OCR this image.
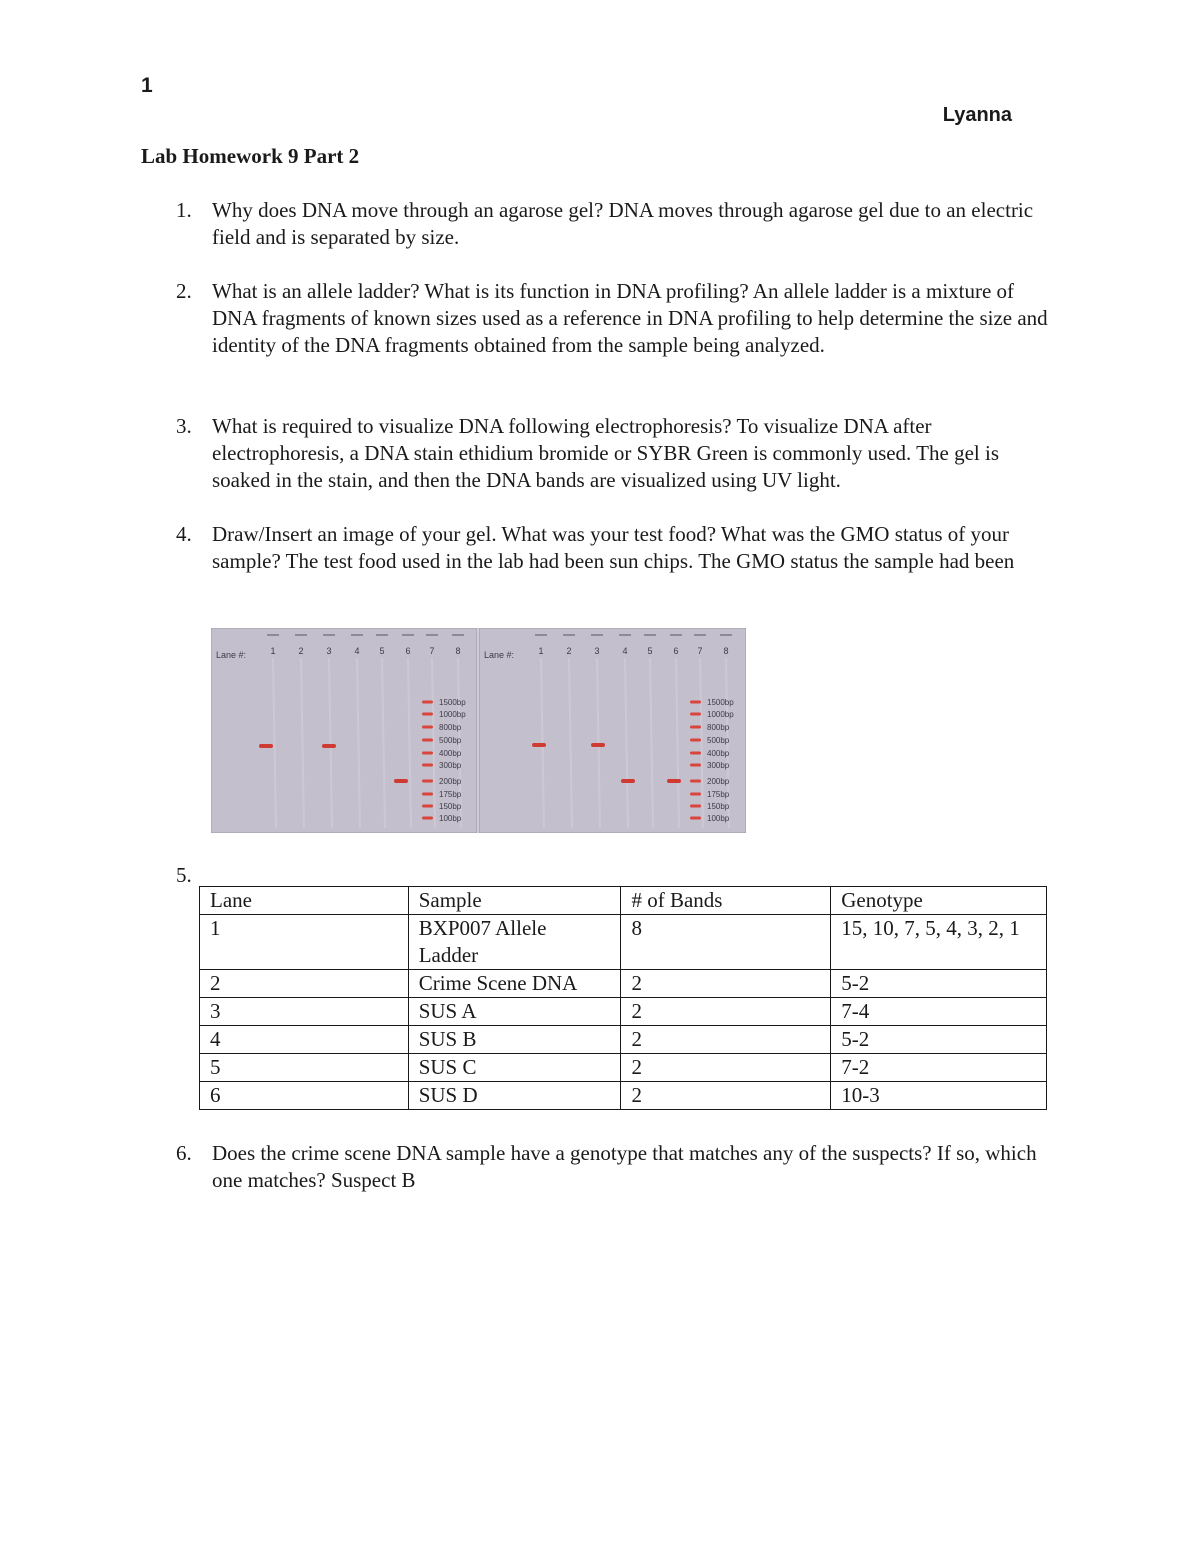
1
Lyanna
Lab Homework 9 Part 2
1. Why does DNA move through an agarose gel? DNA moves through agarose gel due to an electric field and is separated by size.
2. What is an allele ladder? What is its function in DNA profiling? An allele ladder is a mixture of DNA fragments of known sizes used as a reference in DNA profiling to help determine the size and identity of the DNA fragments obtained from the sample being analyzed.
3. What is required to visualize DNA following electrophoresis? To visualize DNA after electrophoresis, a DNA stain ethidium bromide or SYBR Green is commonly used. The gel is soaked in the stain, and then the DNA bands are visualized using UV light.
4. Draw/Insert an image of your gel. What was your test food? What was the GMO status of your sample? The test food used in the lab had been sun chips. The GMO status the sample had been
Lane #:	1	2	3	4 5 6 7 8
1500bp
1000bp
800bp
500bp
400bp
300bp
200bp
175bp
150bp
100bp
Lane #:	1	2	3	4 5 6 7 8
1500bp
1000bp
800bp
500bp
400bp
300bp
200bp
175bp
150bp
100bp
5.
Lane	Sample	# of Bands	Genotype
1	BXP007 Allele Ladder	8	15, 10, 7, 5, 4, 3, 2, 1
2	Crime Scene DNA	2	5-2
3	SUS A	2	7-4
4	SUS B	2	5-2
5	SUS C	2	7-2
6	SUS D	2	10-3
6. Does the crime scene DNA sample have a genotype that matches any of the suspects? If so, which one matches? Suspect B
